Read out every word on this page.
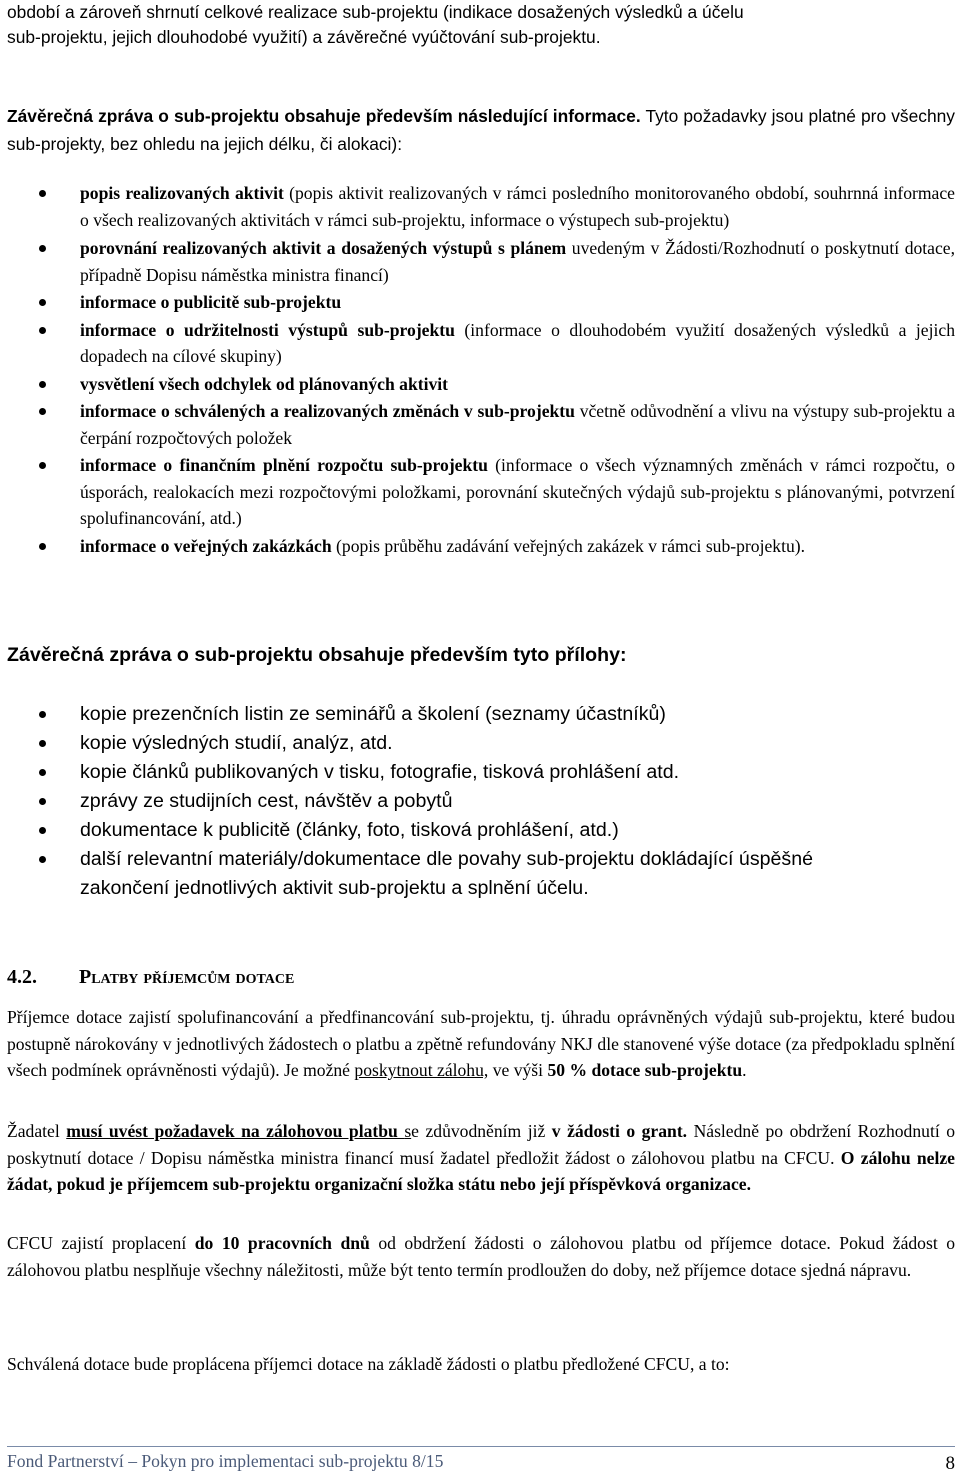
období a zároveň shrnutí celkové realizace sub-projektu (indikace dosažených výsledků a účelu
sub-projektu, jejich dlouhodobé využití) a závěrečné vyúčtování sub-projektu.

Závěrečná zpráva o sub-projektu obsahuje především následující informace. Tyto požadavky jsou platné pro všechny sub-projekty, bez ohledu na jejich délku, či alokaci):

popis realizovaných aktivit (popis aktivit realizovaných v rámci posledního monitorovaného období, souhrnná informace o všech realizovaných aktivitách v rámci sub-projektu, informace o výstupech sub-projektu)
porovnání realizovaných aktivit a dosažených výstupů s plánem uvedeným v Žádosti/Rozhodnutí o poskytnutí dotace, případně Dopisu náměstka ministra financí)
informace o publicitě sub-projektu
informace o udržitelnosti výstupů sub-projektu (informace o dlouhodobém využití dosažených výsledků a jejich dopadech na cílové skupiny)
vysvětlení všech odchylek od plánovaných aktivit
informace o schválených a realizovaných změnách v sub-projektu včetně odůvodnění a vlivu na výstupy sub-projektu a čerpání rozpočtových položek
informace o finančním plnění rozpočtu sub-projektu (informace o všech významných změnách v rámci rozpočtu, o úsporách, realokacích mezi rozpočtovými položkami, porovnání skutečných výdajů sub-projektu s plánovanými, potvrzení spolufinancování, atd.)
informace o veřejných zakázkách (popis průběhu zadávání veřejných zakázek v rámci sub-projektu).

Závěrečná zpráva o sub-projektu obsahuje především tyto přílohy:

kopie prezenčních listin ze seminářů a školení (seznamy účastníků)
kopie výsledných studií, analýz, atd.
kopie článků publikovaných v tisku, fotografie, tisková prohlášení atd.
zprávy ze studijních cest, návštěv a pobytů
dokumentace k publicitě (články, foto, tisková prohlášení, atd.)
další relevantní materiály/dokumentace dle povahy sub-projektu dokládající úspěšné zakončení jednotlivých aktivit sub-projektu a splnění účelu.

4.2. Platby příjemcům dotace

Příjemce dotace zajistí spolufinancování a předfinancování sub-projektu, tj. úhradu oprávněných výdajů sub-projektu, které budou postupně nárokovány v jednotlivých žádostech o platbu a zpětně refundovány NKJ dle stanovené výše dotace (za předpokladu splnění všech podmínek oprávněnosti výdajů). Je možné poskytnout zálohu, ve výši 50 % dotace sub-projektu.

Žadatel musí uvést požadavek na zálohovou platbu se zdůvodněním již v žádosti o grant. Následně po obdržení Rozhodnutí o poskytnutí dotace / Dopisu náměstka ministra financí musí žadatel předložit žádost o zálohovou platbu na CFCU. O zálohu nelze žádat, pokud je příjemcem sub-projektu organizační složka státu nebo její příspěvková organizace.

CFCU zajistí proplacení do 10 pracovních dnů od obdržení žádosti o zálohovou platbu od příjemce dotace. Pokud žádost o zálohovou platbu nesplňuje všechny náležitosti, může být tento termín prodloužen do doby, než příjemce dotace sjedná nápravu.

Schválená dotace bude proplácena příjemci dotace na základě žádosti o platbu předložené CFCU, a to:

Fond Partnerství – Pokyn pro implementaci sub-projektu 8/15	8
